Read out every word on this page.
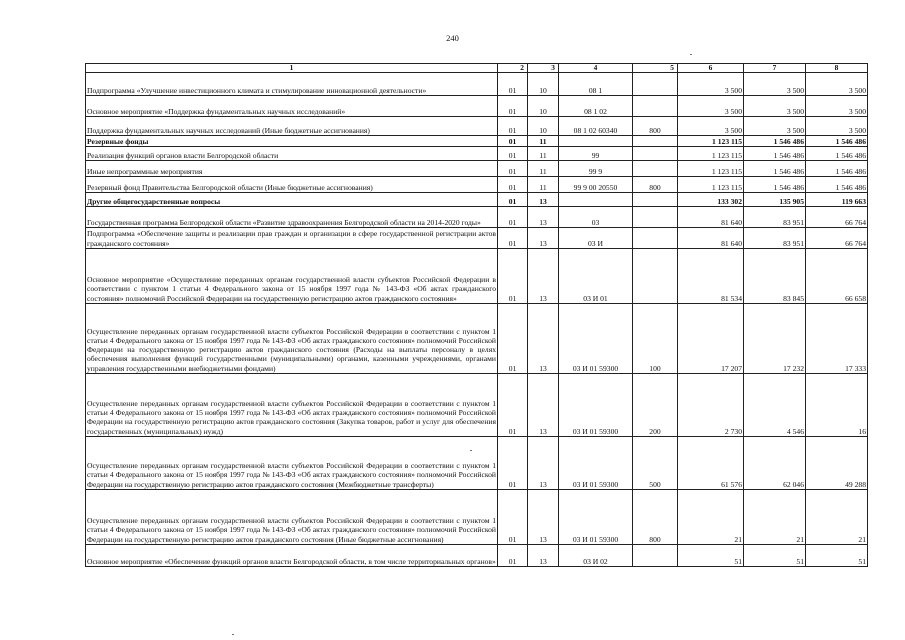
240
1	2	3	4	5	6	7	8
Подпрограмма «Улучшение инвестиционного климата и стимулирование инновационной деятельности»	01	10	08 1		3 500	3 500	3 500
Основное мероприятие «Поддержка фундаментальных научных исследований»	01	10	08 1 02		3 500	3 500	3 500
Поддержка фундаментальных научных исследований (Иные бюджетные ассигнования)	01	10	08 1 02 60340	800	3 500	3 500	3 500
Резервные фонды	01	11			1 123 115	1 546 486	1 546 486
Реализация функций органов власти Белгородской области	01	11	99		1 123 115	1 546 486	1 546 486
Иные непрограммные мероприятия	01	11	99 9		1 123 115	1 546 486	1 546 486
Резервный фонд Правительства Белгородской области (Иные бюджетные ассигнования)	01	11	99 9 00 20550	800	1 123 115	1 546 486	1 546 486
Другие общегосударственные вопросы	01	13			133 302	135 905	119 663
Государственная программа Белгородской области «Развитие здравоохранения Белгородской области на 2014-2020 годы»	01	13	03		81 640	83 951	66 764
Подпрограмма «Обеспечение защиты и реализации прав граждан и организации в сфере государственной регистрации актов гражданского состояния»	01	13	03 И		81 640	83 951	66 764
Основное мероприятие «Осуществление переданных органам государственной власти субъектов Российской Федерации в соответствии с пунктом 1 статьи 4 Федерального закона от 15 ноября 1997 года № 143-ФЗ «Об актах гражданского состояния» полномочий Российской Федерации на государственную регистрацию актов гражданского состояния»	01	13	03 И 01		81 534	83 845	66 658
Осуществление переданных органам государственной власти субъектов Российской Федерации в соответствии с пунктом 1 статьи 4 Федерального закона от 15 ноября 1997 года № 143-ФЗ «Об актах гражданского состояния» полномочий Российской Федерации на государственную регистрацию актов гражданского состояния (Расходы на выплаты персоналу в целях обеспечения выполнения функций государственными (муниципальными) органами, казенными учреждениями, органами управления государственными внебюджетными фондами)	01	13	03 И 01 59300	100	17 207	17 232	17 333
Осуществление переданных органам государственной власти субъектов Российской Федерации в соответствии с пунктом 1 статьи 4 Федерального закона от 15 ноября 1997 года № 143-ФЗ «Об актах гражданского состояния» полномочий Российской Федерации на государственную регистрацию актов гражданского состояния (Закупка товаров, работ и услуг для обеспечения государственных (муниципальных) нужд)	01	13	03 И 01 59300	200	2 730	4 546	16
Осуществление переданных органам государственной власти субъектов Российской Федерации в соответствии с пунктом 1 статьи 4 Федерального закона от 15 ноября 1997 года № 143-ФЗ «Об актах гражданского состояния» полномочий Российской Федерации на государственную регистрацию актов гражданского состояния (Межбюджетные трансферты)	01	13	03 И 01 59300	500	61 576	62 046	49 288
Осуществление переданных органам государственной власти субъектов Российской Федерации в соответствии с пунктом 1 статьи 4 Федерального закона от 15 ноября 1997 года № 143-ФЗ «Об актах гражданского состояния» полномочий Российской Федерации на государственную регистрацию актов гражданского состояния (Иные бюджетные ассигнования)	01	13	03 И 01 59300	800	21	21	21
Основное мероприятие «Обеспечение функций органов власти Белгородской области, в том числе территориальных органов»	01	13	03 И 02		51	51	51
